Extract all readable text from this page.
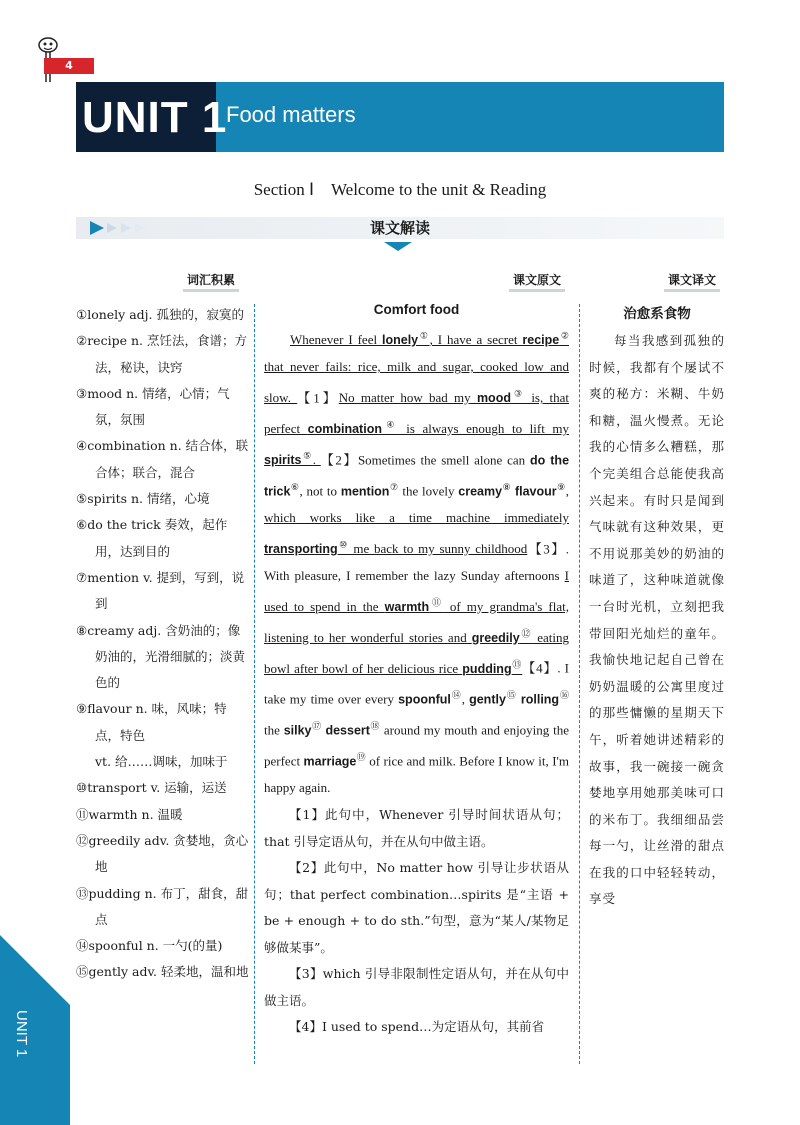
4
UNIT 1
Food matters
Section Ⅰ　Welcome to the unit & Reading
课文解读
词汇积累	课文原文	课文译文
①lonely adj. 孤独的，寂寞的
②recipe n. 烹饪法，食谱；方法，秘诀，诀窍
③mood n. 情绪，心情；气氛，氛围
④combination n. 结合体，联合体；联合，混合
⑤spirits n. 情绪，心境
⑥do the trick 奏效，起作用，达到目的
⑦mention v. 提到，写到，说到
⑧creamy adj. 含奶油的；像奶油的，光滑细腻的；淡黄色的
⑨flavour n. 味，风味；特点，特色
vt. 给……调味，加味于
⑩transport v. 运输，运送
⑪warmth n. 温暖
⑫greedily adv. 贪婪地，贪心地
⑬pudding n. 布丁，甜食，甜点
⑭spoonful n. 一勺(的量)
⑮gently adv. 轻柔地，温和地
Comfort food
Whenever I feel lonely①, I have a secret recipe② that never fails: rice, milk and sugar, cooked low and slow. 【1】No matter how bad my mood③ is, that perfect combination④ is always enough to lift my spirits⑤. 【2】Sometimes the smell alone can do the trick⑥, not to mention⑦ the lovely creamy⑧ flavour⑨, which works like a time machine immediately transporting⑩ me back to my sunny childhood【3】. With pleasure, I remember the lazy Sunday afternoons I used to spend in the warmth⑪ of my grandma's flat, listening to her wonderful stories and greedily⑫ eating bowl after bowl of her delicious rice pudding⑬【4】. I take my time over every spoonful⑭, gently⑮ rolling⑯ the silky⑰ dessert⑱ around my mouth and enjoying the perfect marriage⑲ of rice and milk. Before I know it, I'm happy again.

【1】此句中，Whenever 引导时间状语从句；that 引导定语从句，并在从句中做主语。

【2】此句中，No matter how 引导让步状语从句；that perfect combination…spirits 是“主语 + be + enough + to do sth.”句型，意为“某人/某物足够做某事”。

【3】which 引导非限制性定语从句，并在从句中做主语。

【4】I used to spend…为定语从句，其前省

治愈系食物
每当我感到孤独的时候，我都有个屡试不爽的秘方：米糊、牛奶和糖，温火慢煮。无论我的心情多么糟糕，那个完美组合总能使我高兴起来。有时只是闻到气味就有这种效果，更不用说那美妙的奶油的味道了，这种味道就像一台时光机，立刻把我带回阳光灿烂的童年。我愉快地记起自己曾在奶奶温暖的公寓里度过的那些慵懒的星期天下午，听着她讲述精彩的故事，我一碗接一碗贪婪地享用她那美味可口的米布丁。我细细品尝每一勺，让丝滑的甜点在我的口中轻轻转动，享受
UNIT 1
